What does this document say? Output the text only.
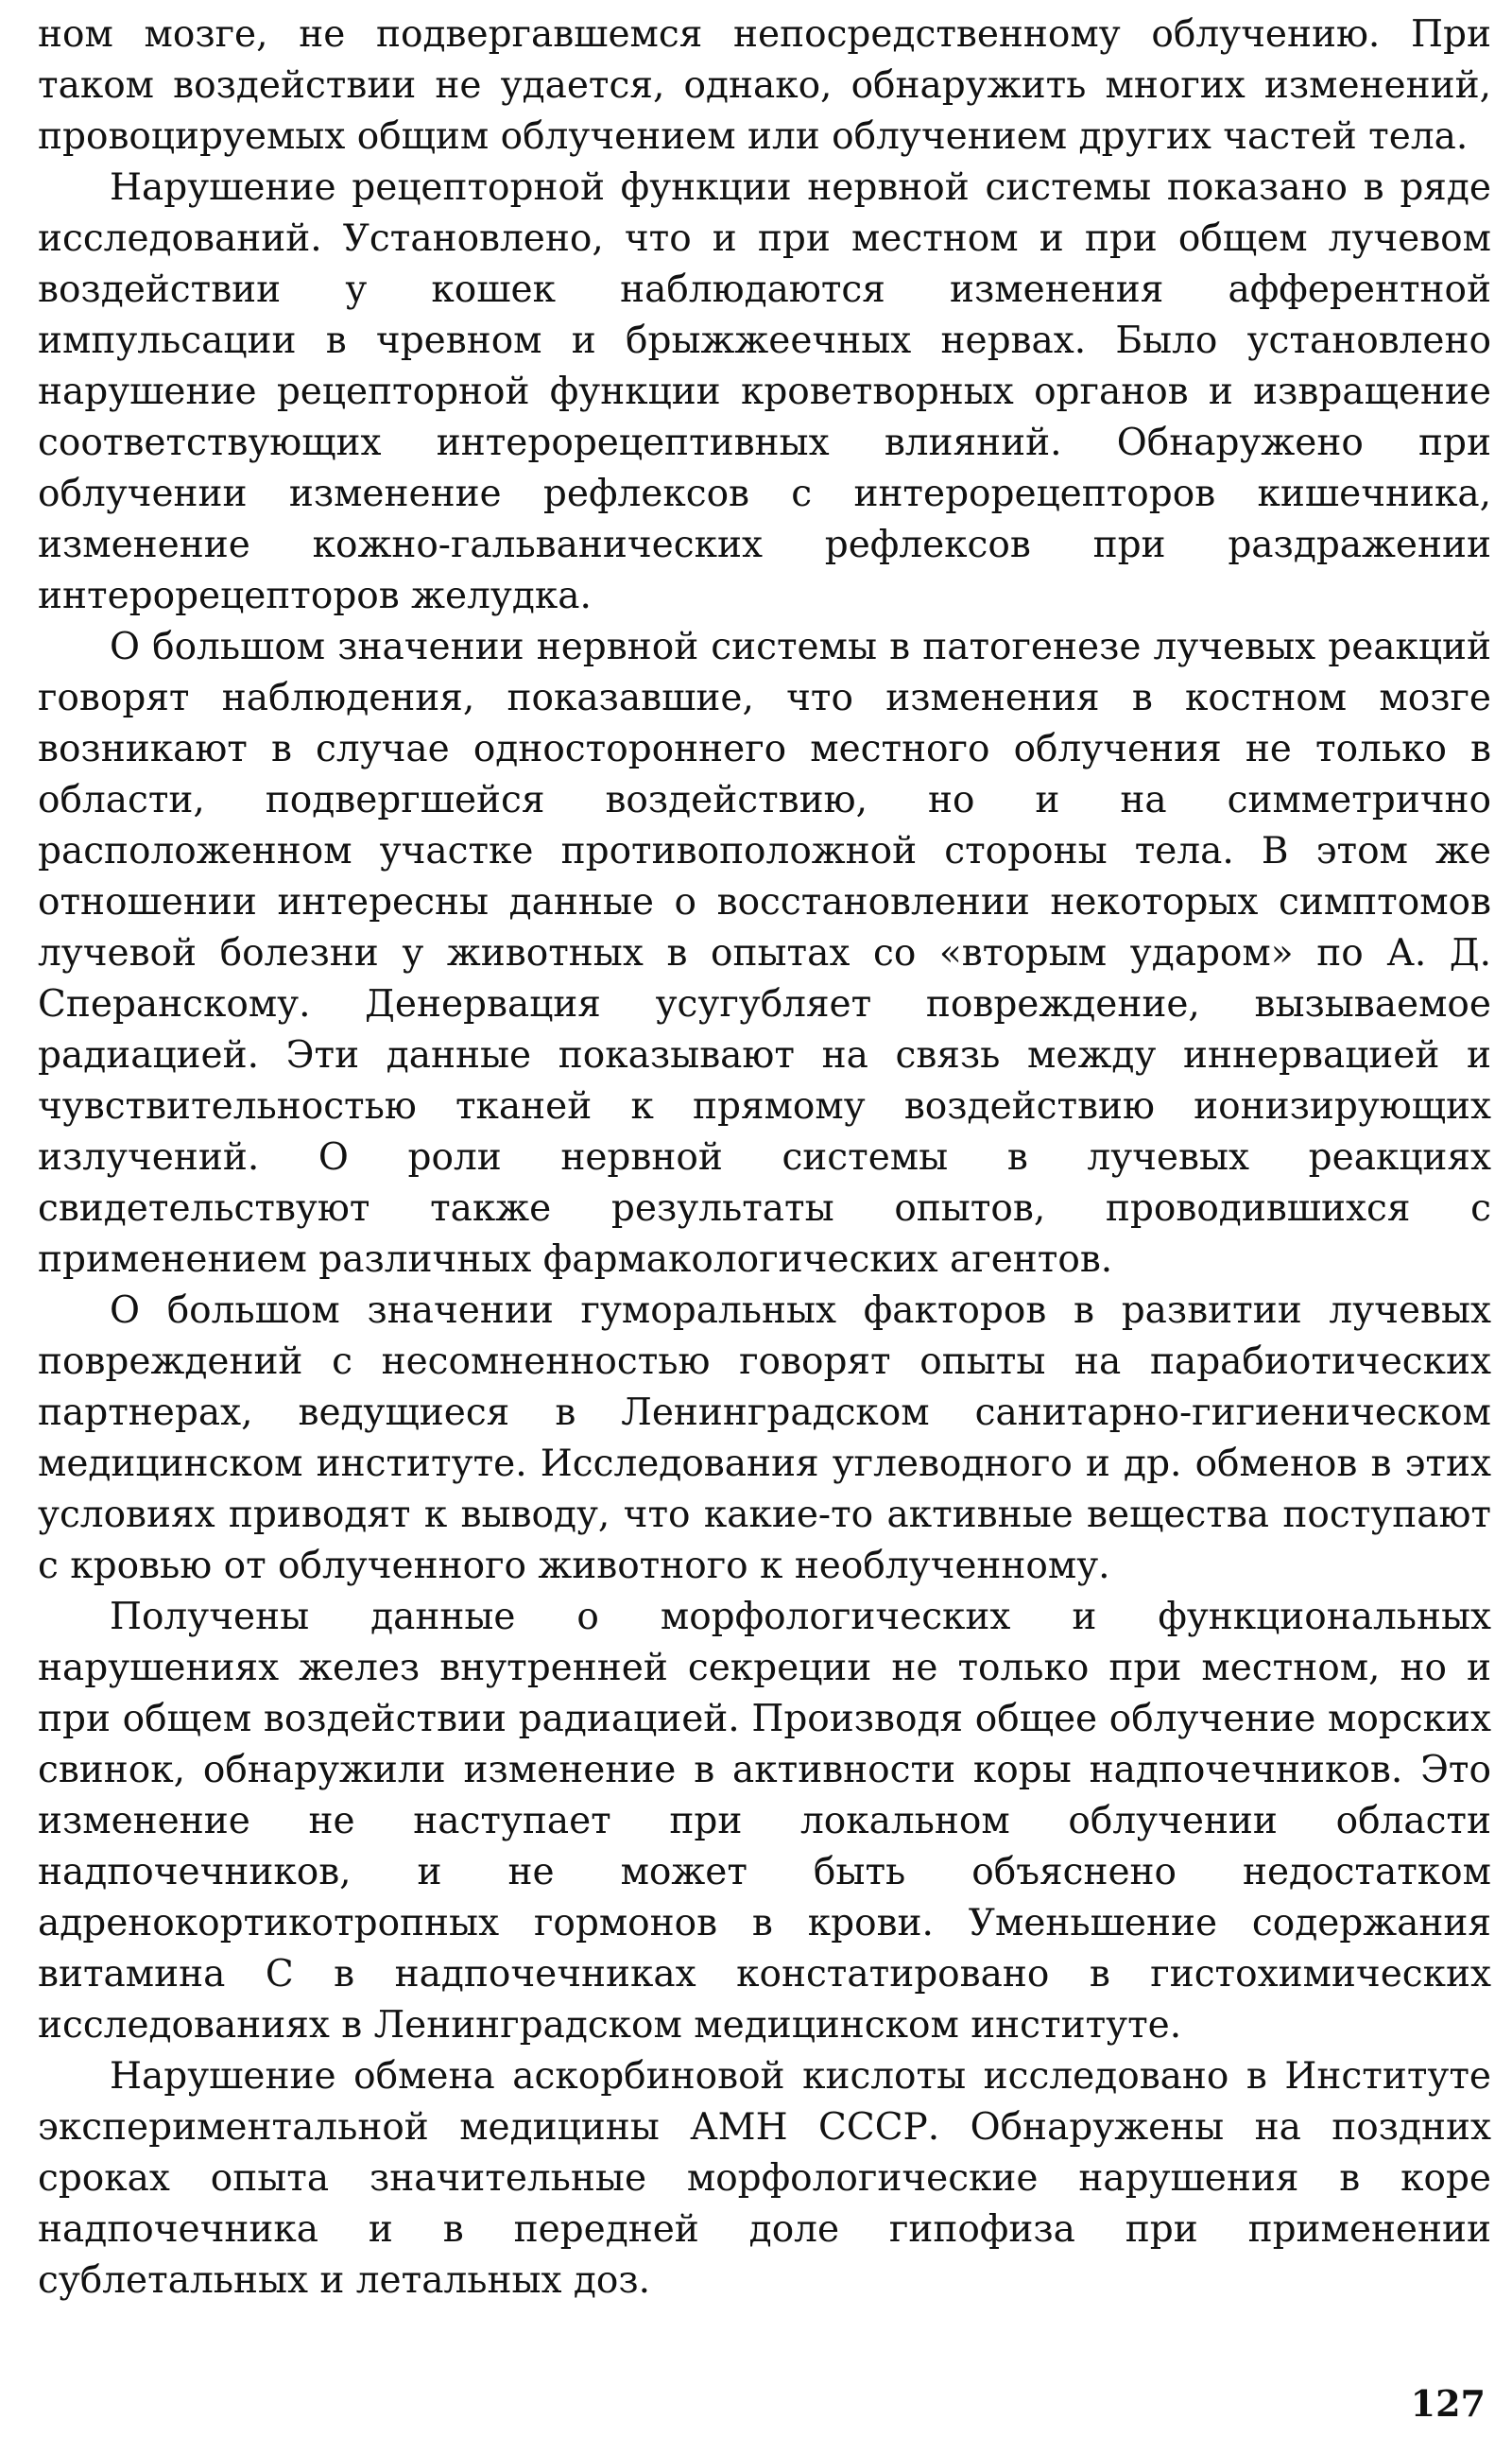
ном мозге, не подвергавшемся непосредственному облучению. При таком воздействии не удается, однако, обнаружить многих изменений, провоцируемых общим облучением или облучением других частей тела.

Нарушение рецепторной функции нервной системы показано в ряде исследований. Установлено, что и при местном и при общем лучевом воздействии у кошек наблюдаются изменения афферентной импульсации в чревном и брыжжеечных нервах. Было установлено нарушение рецепторной функции кроветворных органов и извращение соответствующих интерорецептивных влияний. Обнаружено при облучении изменение рефлексов с интерорецепторов кишечника, изменение кожно-гальванических рефлексов при раздражении интерорецепторов желудка.

О большом значении нервной системы в патогенезе лучевых реакций говорят наблюдения, показавшие, что изменения в костном мозге возникают в случае одностороннего местного облучения не только в области, подвергшейся воздействию, но и на симметрично расположенном участке противоположной стороны тела. В этом же отношении интересны данные о восстановлении некоторых симптомов лучевой болезни у животных в опытах со «вторым ударом» по А. Д. Сперанскому. Денервация усугубляет повреждение, вызываемое радиацией. Эти данные показывают на связь между иннервацией и чувствительностью тканей к прямому воздействию ионизирующих излучений. О роли нервной системы в лучевых реакциях свидетельствуют также результаты опытов, проводившихся с применением различных фармакологических агентов.

О большом значении гуморальных факторов в развитии лучевых повреждений с несомненностью говорят опыты на парабиотических партнерах, ведущиеся в Ленинградском санитарно-гигиеническом медицинском институте. Исследования углеводного и др. обменов в этих условиях приводят к выводу, что какие-то активные вещества поступают с кровью от облученного животного к необлученному.

Получены данные о морфологических и функциональных нарушениях желез внутренней секреции не только при местном, но и при общем воздействии радиацией. Производя общее облучение морских свинок, обнаружили изменение в активности коры надпочечников. Это изменение не наступает при локальном облучении области надпочечников, и не может быть объяснено недостатком адренокортикотропных гормонов в крови. Уменьшение содержания витамина С в надпочечниках констатировано в гистохимических исследованиях в Ленинградском медицинском институте.

Нарушение обмена аскорбиновой кислоты исследовано в Институте экспериментальной медицины АМН СССР. Обнаружены на поздних сроках опыта значительные морфологические нарушения в коре надпочечника и в передней доле гипофиза при применении сублетальных и летальных доз.

127
